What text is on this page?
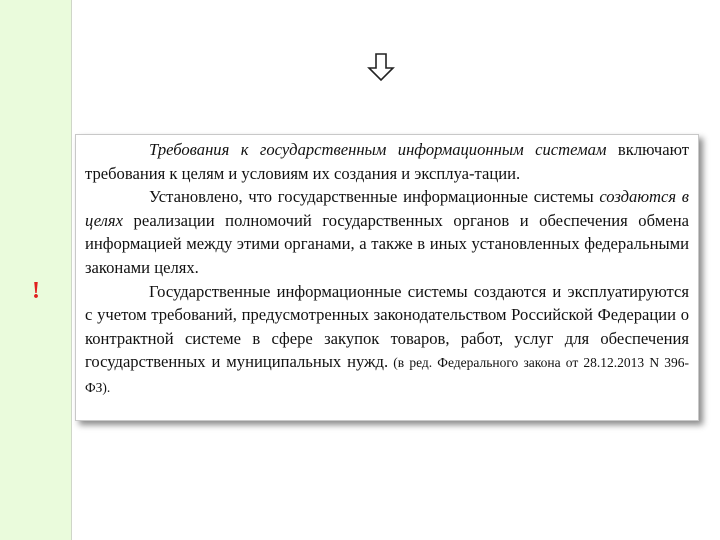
!

Требования к государственным информационным системам включают требования к целям и условиям их создания и эксплуа-тации.

Установлено, что государственные информационные системы создаются в целях реализации полномочий государственных органов и обеспечения обмена информацией между этими органами, а также в иных установленных федеральными законами целях.

Государственные информационные системы создаются и эксплуатируются с учетом требований, предусмотренных законодательством Российской Федерации о контрактной системе в сфере закупок товаров, работ, услуг для обеспечения государственных и муниципальных нужд. (в ред. Федерального закона от 28.12.2013 N 396-ФЗ).
